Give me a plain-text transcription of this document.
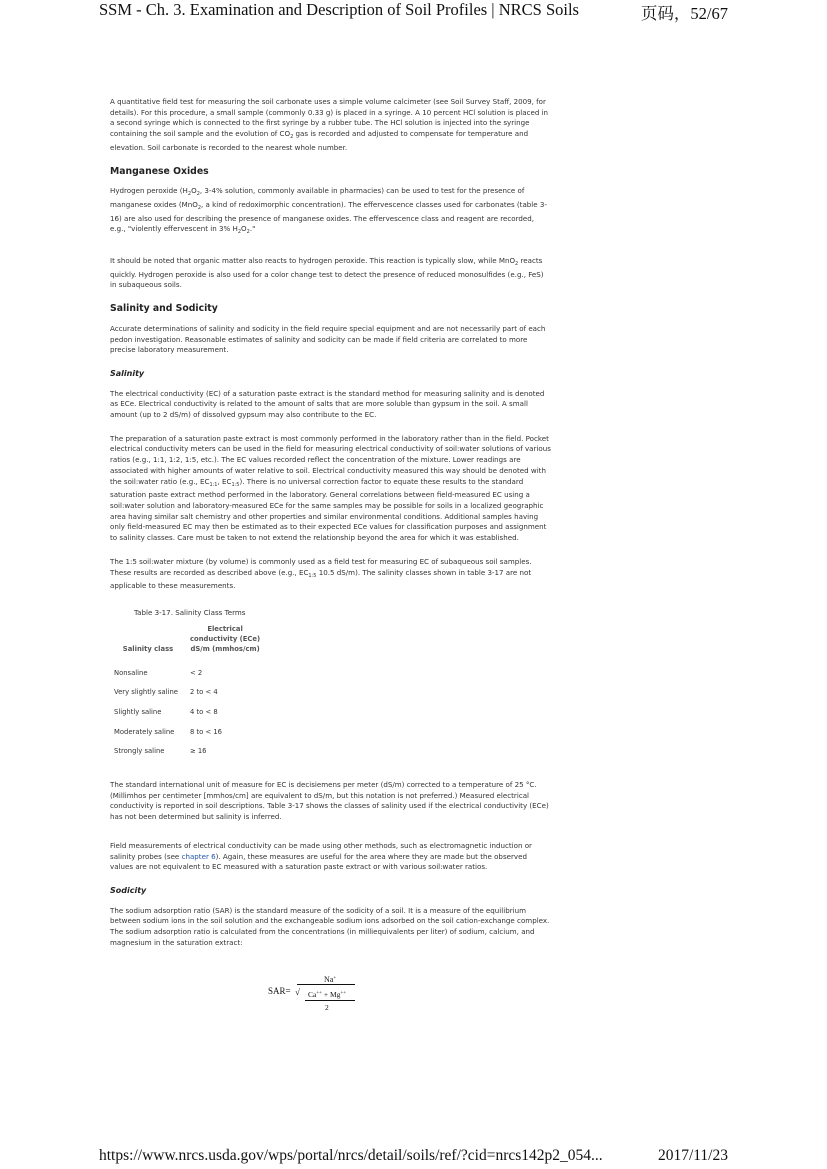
SSM - Ch. 3. Examination and Description of Soil Profiles | NRCS Soils	页码，52/67

A quantitative field test for measuring the soil carbonate uses a simple volume calcimeter (see Soil Survey Staff, 2009, for details). For this procedure, a small sample (commonly 0.33 g) is placed in a syringe. A 10 percent HCl solution is placed in a second syringe which is connected to the first syringe by a rubber tube. The HCl solution is injected into the syringe containing the soil sample and the evolution of $CO_2$ gas is recorded and adjusted to compensate for temperature and elevation. Soil carbonate is recorded to the nearest whole number.

Manganese Oxides

Hydrogen peroxide ($H_2O_2$, 3-4% solution, commonly available in pharmacies) can be used to test for the presence of manganese oxides (MnO$_2$, a kind of redoximorphic concentration). The effervescence classes used for carbonates (table 3-16) are also used for describing the presence of manganese oxides. The effervescence class and reagent are recorded, e.g., "violently effervescent in 3% $H_2O_2$."

It should be noted that organic matter also reacts to hydrogen peroxide. This reaction is typically slow, while MnO$_2$ reacts quickly. Hydrogen peroxide is also used for a color change test to detect the presence of reduced monosulfides (e.g., FeS) in subaqueous soils.

Salinity and Sodicity

Accurate determinations of salinity and sodicity in the field require special equipment and are not necessarily part of each pedon investigation. Reasonable estimates of salinity and sodicity can be made if field criteria are correlated to more precise laboratory measurement.

Salinity

The electrical conductivity (EC) of a saturation paste extract is the standard method for measuring salinity and is denoted as ECe. Electrical conductivity is related to the amount of salts that are more soluble than gypsum in the soil. A small amount (up to 2 dS/m) of dissolved gypsum may also contribute to the EC.

The preparation of a saturation paste extract is most commonly performed in the laboratory rather than in the field. Pocket electrical conductivity meters can be used in the field for measuring electrical conductivity of soil:water solutions of various ratios (e.g., 1:1, 1:2, 1:5, etc.). The EC values recorded reflect the concentration of the mixture. Lower readings are associated with higher amounts of water relative to soil. Electrical conductivity measured this way should be denoted with the soil:water ratio (e.g., $EC_{1:1}$, $EC_{1:5}$). There is no universal correction factor to equate these results to the standard saturation paste extract method performed in the laboratory. General correlations between field-measured EC using a soil:water solution and laboratory-measured ECe for the same samples may be possible for soils in a localized geographic area having similar salt chemistry and other properties and similar environmental conditions. Additional samples having only field-measured EC may then be estimated as to their expected ECe values for classification purposes and assignment to salinity classes. Care must be taken to not extend the relationship beyond the area for which it was established.

The 1:5 soil:water mixture (by volume) is commonly used as a field test for measuring EC of subaqueous soil samples. These results are recorded as described above (e.g., $EC_{1:5}$ 10.5 dS/m). The salinity classes shown in table 3-17 are not applicable to these measurements.

Table 3-17. Salinity Class Terms
Salinity class	Electrical
conductivity (ECe)
dS/m (mmhos/cm)
Nonsaline	< 2
Very slightly saline	2 to < 4
Slightly saline	4 to < 8
Moderately saline	8 to < 16
Strongly saline	≥ 16

The standard international unit of measure for EC is decisiemens per meter (dS/m) corrected to a temperature of 25 °C. (Millimhos per centimeter [mmhos/cm] are equivalent to dS/m, but this notation is not preferred.) Measured electrical conductivity is reported in soil descriptions. Table 3-17 shows the classes of salinity used if the electrical conductivity (ECe) has not been determined but salinity is inferred.

Field measurements of electrical conductivity can be made using other methods, such as electromagnetic induction or salinity probes (see chapter 6). Again, these measures are useful for the area where they are made but the observed values are not equivalent to EC measured with a saturation paste extract or with various soil:water ratios.

Sodicity

The sodium adsorption ratio (SAR) is the standard measure of the sodicity of a soil. It is a measure of the equilibrium between sodium ions in the soil solution and the exchangeable sodium ions adsorbed on the soil cation-exchange complex. The sodium adsorption ratio is calculated from the concentrations (in milliequivalents per liter) of sodium, calcium, and magnesium in the saturation extract:

SAR=
Na+
√ Ca++ + Mg++
2
https://www.nrcs.usda.gov/wps/portal/nrcs/detail/soils/ref/?cid=nrcs142p2_054...	2017/11/23
